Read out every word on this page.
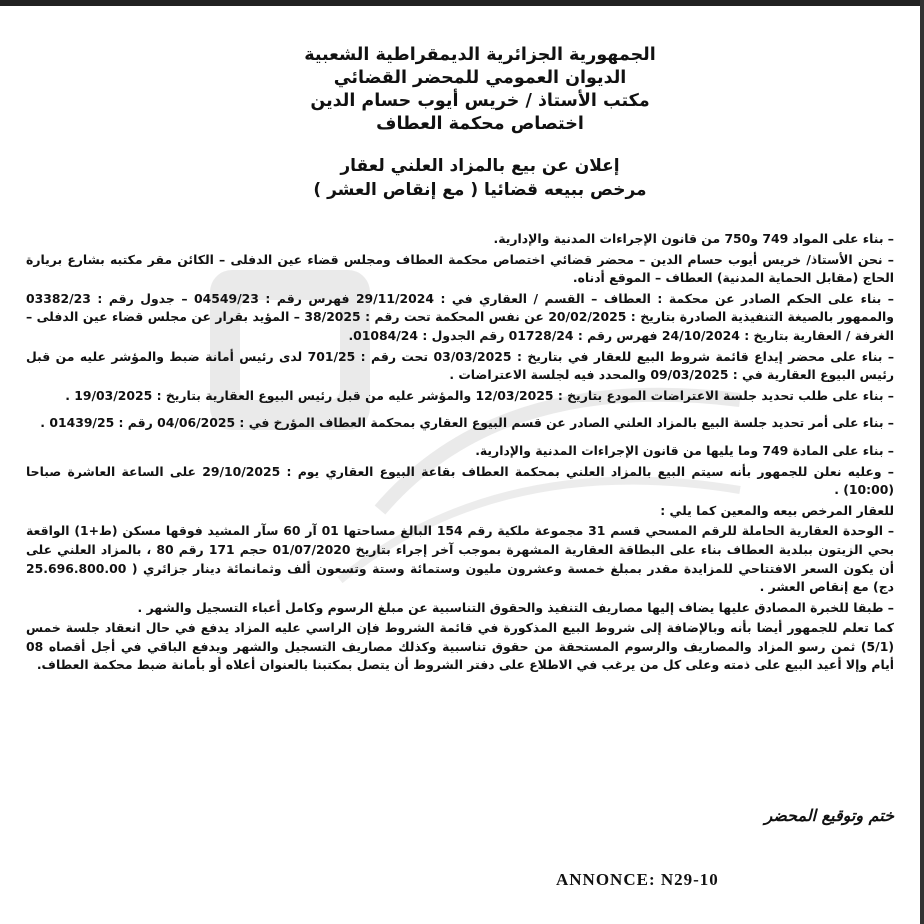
الجمهورية الجزائرية الديمقراطية الشعبية
الديوان العمومي للمحضر القضائي
مكتب الأستاذ / خريس أيوب حسام الدين
اختصاص محكمة العطاف
إعلان عن بيع بالمزاد العلني لعقار
مرخص ببيعه قضائيا ( مع إنقاص العشر )

– بناء على المواد 749 و750 من قانون الإجراءات المدنية والإدارية.

– نحن الأستاذ/ خريس أيوب حسام الدين – محضر قضائي اختصاص محكمة العطاف ومجلس قضاء عين الدفلى – الكائن مقر مكتبه بشارع بريارة الحاج (مقابل الحماية المدنية) العطاف – الموقع أدناه.

– بناء على الحكم الصادر عن محكمة : العطاف – القسم / العقاري في : 29/11/2024 فهرس رقم : 04549/23 – جدول رقم : 03382/23 والممهور بالصيغة التنفيذية الصادرة بتاريخ : 20/02/2025 عن نفس المحكمة تحت رقم : 38/2025 – المؤيد بقرار عن مجلس قضاء عين الدفلى – الغرفة / العقارية بتاريخ : 24/10/2024 فهرس رقم : 01728/24 رقم الجدول : 01084/24.

– بناء على محضر إيداع قائمة شروط البيع للعقار في بتاريخ : 03/03/2025 تحت رقم : 701/25 لدى رئيس أمانة ضبط والمؤشر عليه من قبل رئيس البيوع العقارية في : 09/03/2025 والمحدد فيه لجلسة الاعتراضات .

– بناء على طلب تحديد جلسة الاعتراضات المودع بتاريخ : 12/03/2025 والمؤشر عليه من قبل رئيس البيوع العقارية بتاريخ : 19/03/2025 .

– بناء على أمر تحديد جلسة البيع بالمزاد العلني الصادر عن قسم البيوع العقاري بمحكمة العطاف المؤرخ في : 04/06/2025 رقم : 01439/25 .

– بناء على المادة 749 وما يليها من قانون الإجراءات المدنية والإدارية.

– وعليه نعلن للجمهور بأنه سيتم البيع بالمزاد العلني بمحكمة العطاف بقاعة البيوع العقاري يوم : 29/10/2025 على الساعة العاشرة صباحا (10:00) .

للعقار المرخص بيعه والمعين كما يلي :

– الوحدة العقارية الحاملة للرقم المسحي قسم 31 مجموعة ملكية رقم 154 البالغ مساحتها 01 آر 60 سآر المشيد فوقها مسكن (ط+1) الواقعة بحي الزيتون ببلدية العطاف بناء على البطاقة العقارية المشهرة بموجب آخر إجراء بتاريخ 01/07/2020 حجم 171 رقم 80 ، بالمزاد العلني على أن يكون السعر الافتتاحي للمزايدة مقدر بمبلغ خمسة وعشرون مليون وستمائة وستة وتسعون ألف وثمانمائة دينار جزائري ( 25.696.800.00 دج) مع إنقاص العشر .

– طبقا للخبرة المصادق عليها يضاف إليها مصاريف التنفيذ والحقوق التناسبية عن مبلغ الرسوم وكامل أعباء التسجيل والشهر .

كما تعلم للجمهور أيضا بأنه وبالإضافة إلى شروط البيع المذكورة في قائمة الشروط فإن الراسي عليه المزاد يدفع في حال انعقاد جلسة خمس (5/1) ثمن رسو المزاد والمصاريف والرسوم المستحقة من حقوق تناسبية وكذلك مصاريف التسجيل والشهر ويدفع الباقي في أجل أقصاه 08 أيام وإلا أعيد البيع على ذمته وعلى كل من يرغب في الاطلاع على دفتر الشروط أن يتصل بمكتبنا بالعنوان أعلاه أو بأمانة ضبط محكمة العطاف.

ختم وتوقيع المحضر
ANNONCE: N29-10
